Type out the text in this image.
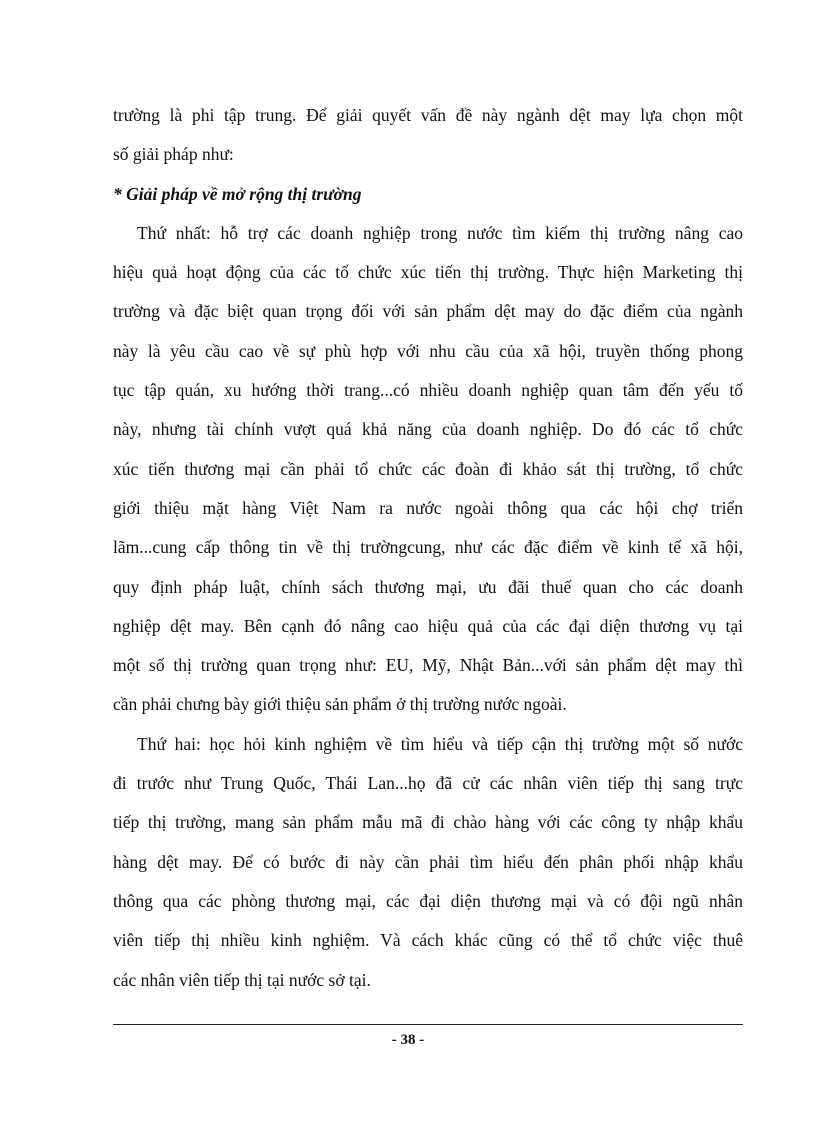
trường là phi tập trung. Để giải quyết vấn đề này ngành dệt may lựa chọn một
số giải pháp như:
* Giải pháp về mở rộng thị trường
Thứ nhất: hỗ trợ các doanh nghiệp trong nước tìm kiếm thị trường nâng cao
hiệu quả hoạt động của các tổ chức xúc tiến thị trường. Thực hiện Marketing thị
trường và đặc biệt quan trọng đối với sản phẩm dệt may do đặc điểm của ngành
này là yêu cầu cao về sự phù hợp với nhu cầu của xã hội, truyền thống phong
tục tập quán, xu hướng thời trang...có nhiều doanh nghiệp quan tâm đến yếu tố
này, nhưng tài chính vượt quá khả năng của doanh nghiệp. Do đó các tổ chức
xúc tiến thương mại cần phải tổ chức các đoàn đi khảo sát thị trường, tổ chức
giới thiệu mặt hàng Việt Nam ra nước ngoài thông qua các hội chợ triển
lãm...cung cấp thông tin về thị trườngcung, như các đặc điểm về kinh tế xã hội,
quy định pháp luật, chính sách thương mại, ưu đãi thuế quan cho các doanh
nghiệp dệt may. Bên cạnh đó nâng cao hiệu quả của các đại diện thương vụ tại
một số thị trường quan trọng như: EU, Mỹ, Nhật Bản...với sản phẩm dệt may thì
cần phải chưng bày giới thiệu sản phẩm ở thị trường nước ngoài.
Thứ hai: học hỏi kinh nghiệm về tìm hiểu và tiếp cận thị trường một số nước
đi trước như Trung Quốc, Thái Lan...họ đã cử các nhân viên tiếp thị sang trực
tiếp thị trường, mang sản phẩm mẫu mã đi chào hàng với các công ty nhập khẩu
hàng dệt may. Để có bước đi này cần phải tìm hiểu đến phân phối nhập khẩu
thông qua các phòng thương mại, các đại diện thương mại và có đội ngũ nhân
viên tiếp thị nhiều kinh nghiệm. Và cách khác cũng có thể tổ chức việc thuê
các nhân viên tiếp thị tại nước sở tại.
- 38 -
